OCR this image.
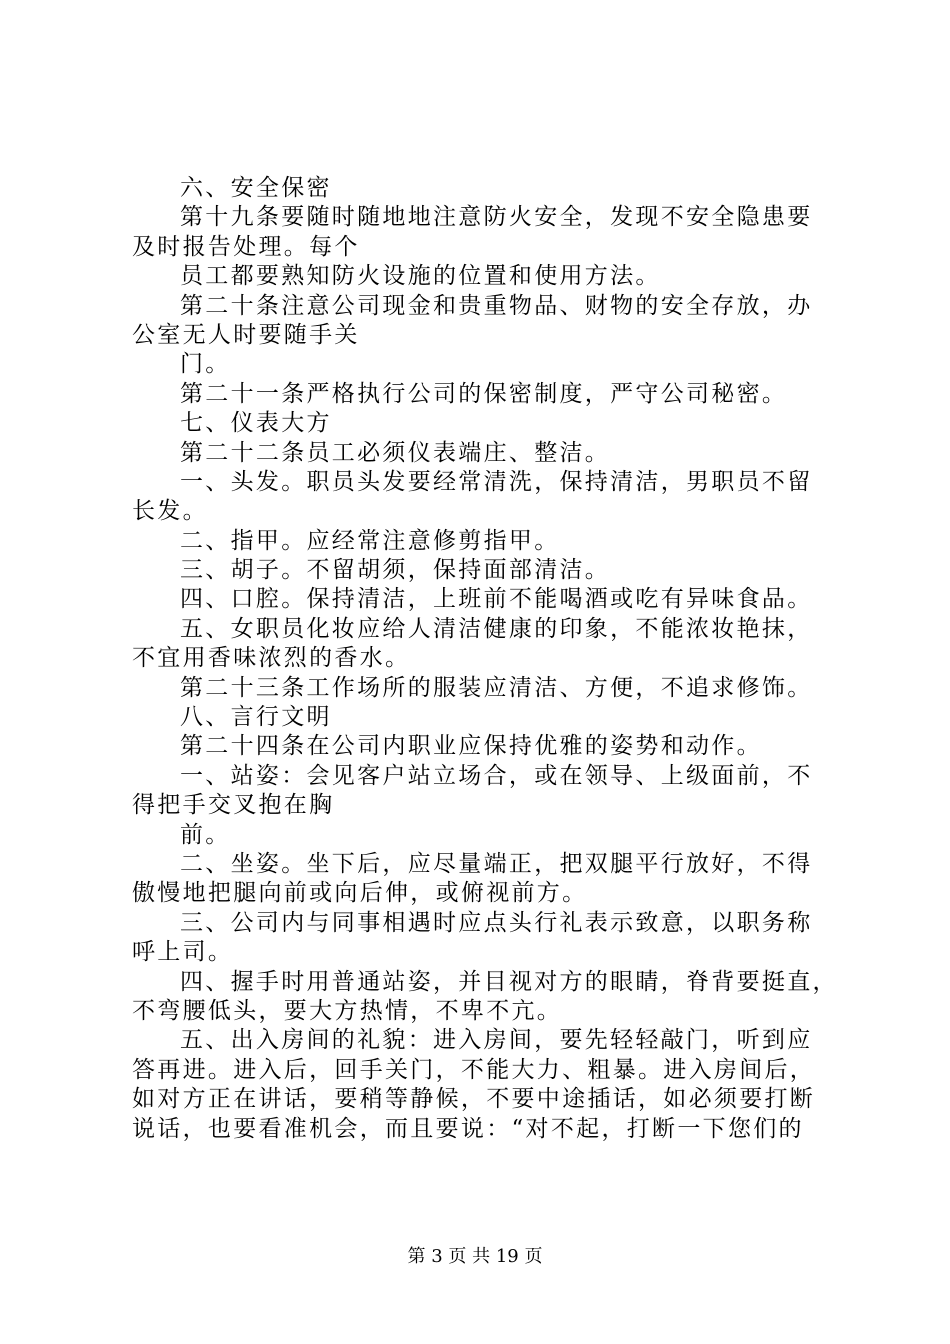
六、安全保密
第十九条要随时随地地注意防火安全，发现不安全隐患要
及时报告处理。每个
员工都要熟知防火设施的位置和使用方法。
第二十条注意公司现金和贵重物品、财物的安全存放，办
公室无人时要随手关
门。
第二十一条严格执行公司的保密制度，严守公司秘密。
七、仪表大方
第二十二条员工必须仪表端庄、整洁。
一、头发。职员头发要经常清洗，保持清洁，男职员不留
长发。
二、指甲。应经常注意修剪指甲。
三、胡子。不留胡须，保持面部清洁。
四、口腔。保持清洁，上班前不能喝酒或吃有异味食品。
五、女职员化妆应给人清洁健康的印象，不能浓妆艳抹，
不宜用香味浓烈的香水。
第二十三条工作场所的服装应清洁、方便，不追求修饰。
八、言行文明
第二十四条在公司内职业应保持优雅的姿势和动作。
一、站姿：会见客户站立场合，或在领导、上级面前，不
得把手交叉抱在胸
前。
二、坐姿。坐下后，应尽量端正，把双腿平行放好，不得
傲慢地把腿向前或向后伸，或俯视前方。
三、公司内与同事相遇时应点头行礼表示致意，以职务称
呼上司。
四、握手时用普通站姿，并目视对方的眼睛，脊背要挺直，
不弯腰低头，要大方热情，不卑不亢。
五、出入房间的礼貌：进入房间，要先轻轻敲门，听到应
答再进。进入后，回手关门，不能大力、粗暴。进入房间后，
如对方正在讲话，要稍等静候，不要中途插话，如必须要打断
说话，也要看准机会，而且要说：“对不起，打断一下您们的
第 3 页 共 19 页
